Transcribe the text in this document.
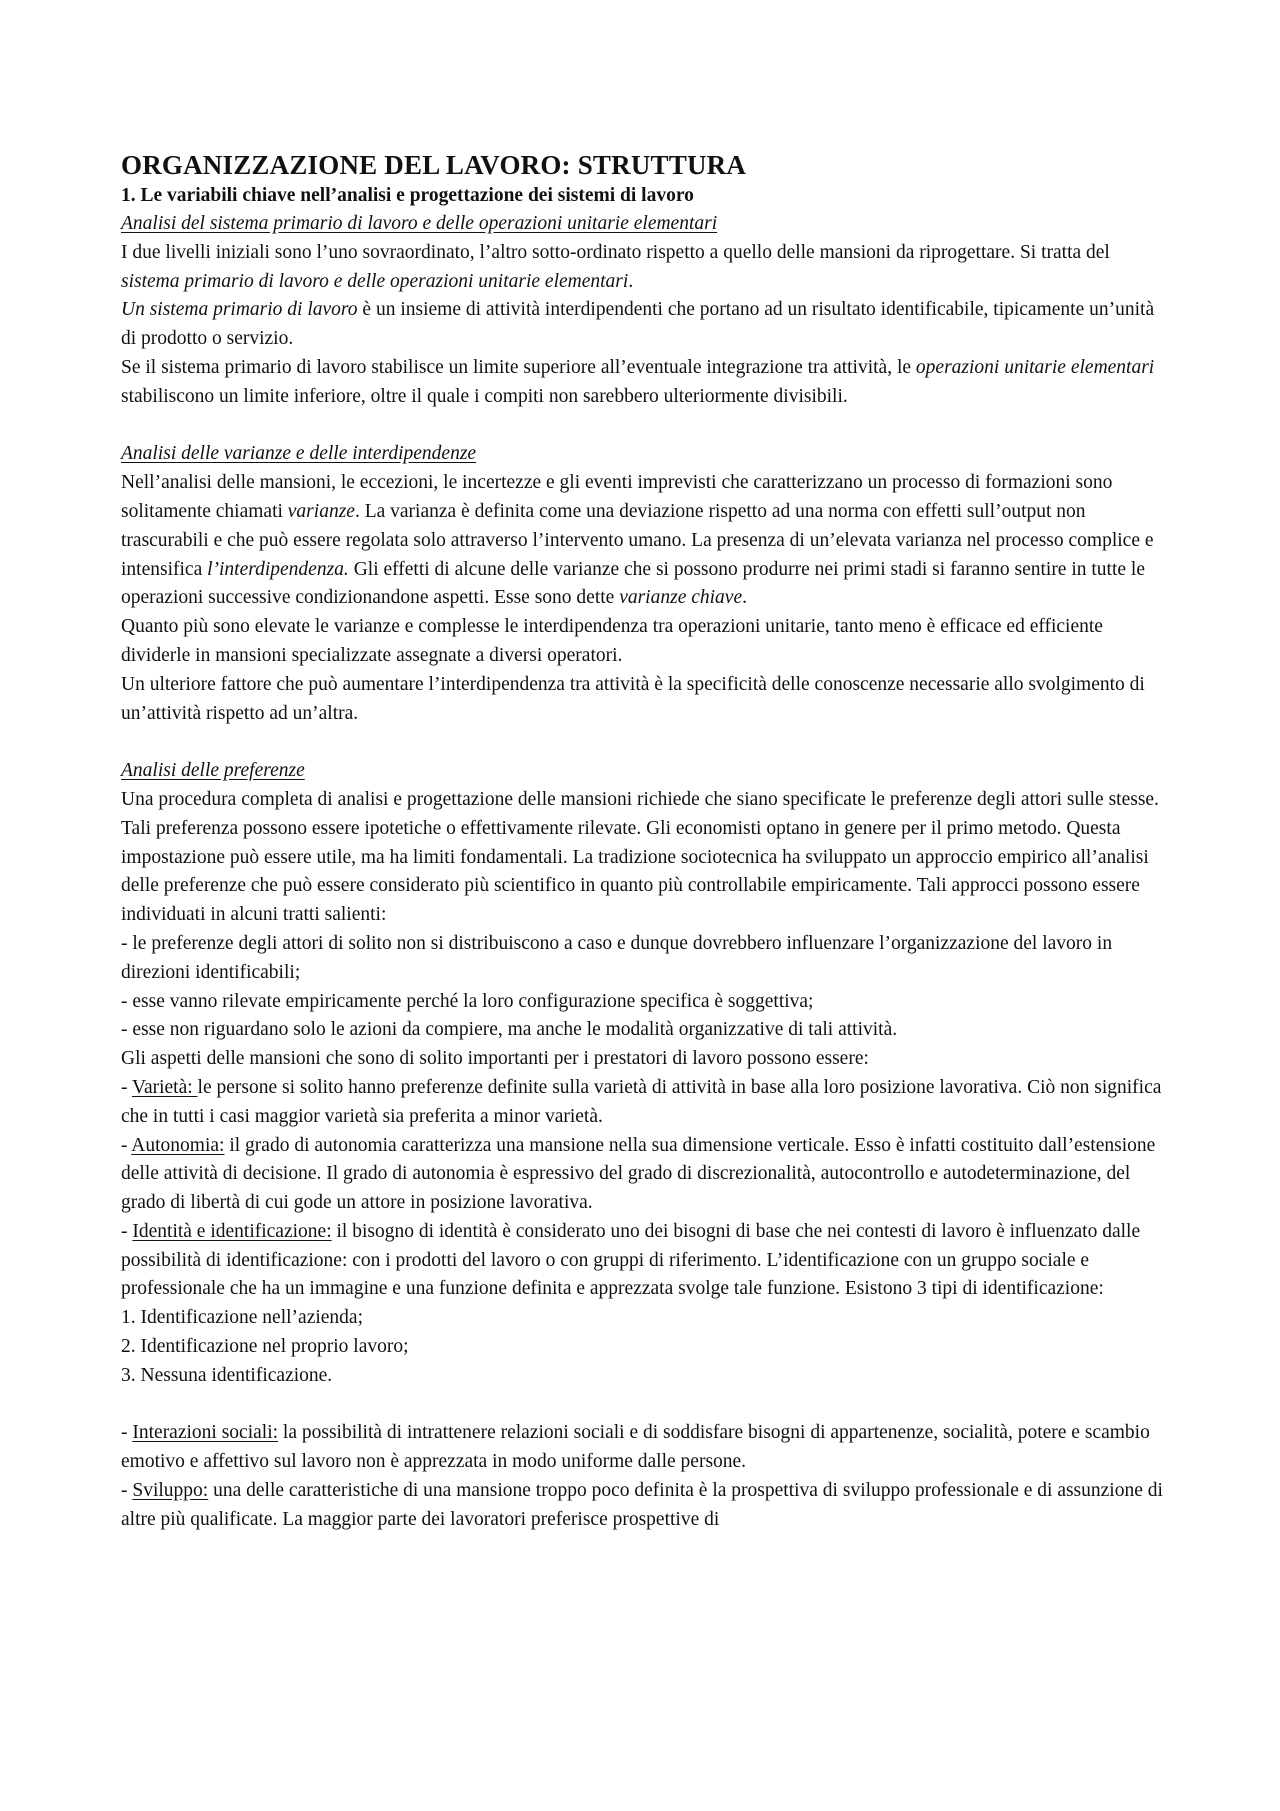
ORGANIZZAZIONE DEL LAVORO: STRUTTURA
1. Le variabili chiave nell’analisi e progettazione dei sistemi di lavoro

Analisi del sistema primario di lavoro e delle operazioni unitarie elementari

I due livelli iniziali sono l’uno sovraordinato, l’altro sotto-ordinato rispetto a quello delle mansioni da riprogettare. Si tratta del sistema primario di lavoro e delle operazioni unitarie elementari.

Un sistema primario di lavoro è un insieme di attività interdipendenti che portano ad un risultato identificabile, tipicamente un’unità di prodotto o servizio.

Se il sistema primario di lavoro stabilisce un limite superiore all’eventuale integrazione tra attività, le operazioni unitarie elementari stabiliscono un limite inferiore, oltre il quale i compiti non sarebbero ulteriormente divisibili.

Analisi delle varianze e delle interdipendenze

Nell’analisi delle mansioni, le eccezioni, le incertezze e gli eventi imprevisti che caratterizzano un processo di formazioni sono solitamente chiamati varianze. La varianza è definita come una deviazione rispetto ad una norma con effetti sull’output non trascurabili e che può essere regolata solo attraverso l’intervento umano. La presenza di un’elevata varianza nel processo complice e intensifica l’interdipendenza. Gli effetti di alcune delle varianze che si possono produrre nei primi stadi si faranno sentire in tutte le operazioni successive condizionandone aspetti. Esse sono dette varianze chiave.

Quanto più sono elevate le varianze e complesse le interdipendenza tra operazioni unitarie, tanto meno è efficace ed efficiente dividerle in mansioni specializzate assegnate a diversi operatori.

Un ulteriore fattore che può aumentare l’interdipendenza tra attività è la specificità delle conoscenze necessarie allo svolgimento di un’attività rispetto ad un’altra.

Analisi delle preferenze

Una procedura completa di analisi e progettazione delle mansioni richiede che siano specificate le preferenze degli attori sulle stesse. Tali preferenza possono essere ipotetiche o effettivamente rilevate. Gli economisti optano in genere per il primo metodo. Questa impostazione può essere utile, ma ha limiti fondamentali. La tradizione sociotecnica ha sviluppato un approccio empirico all’analisi delle preferenze che può essere considerato più scientifico in quanto più controllabile empiricamente. Tali approcci possono essere individuati in alcuni tratti salienti:

- le preferenze degli attori di solito non si distribuiscono a caso e dunque dovrebbero influenzare l’organizzazione del lavoro in direzioni identificabili;

- esse vanno rilevate empiricamente perché la loro configurazione specifica è soggettiva;

- esse non riguardano solo le azioni da compiere, ma anche le modalità organizzative di tali attività.

Gli aspetti delle mansioni che sono di solito importanti per i prestatori di lavoro possono essere:

- Varietà: le persone si solito hanno preferenze definite sulla varietà di attività in base alla loro posizione lavorativa. Ciò non significa che in tutti i casi maggior varietà sia preferita a minor varietà.

- Autonomia: il grado di autonomia caratterizza una mansione nella sua dimensione verticale. Esso è infatti costituito dall’estensione delle attività di decisione. Il grado di autonomia è espressivo del grado di discrezionalità, autocontrollo e autodeterminazione, del grado di libertà di cui gode un attore in posizione lavorativa.

- Identità e identificazione: il bisogno di identità è considerato uno dei bisogni di base che nei contesti di lavoro è influenzato dalle possibilità di identificazione: con i prodotti del lavoro o con gruppi di riferimento. L’identificazione con un gruppo sociale e professionale che ha un immagine e una funzione definita e apprezzata svolge tale funzione. Esistono 3 tipi di identificazione:

1. Identificazione nell’azienda;

2. Identificazione nel proprio lavoro;

3. Nessuna identificazione.

- Interazioni sociali: la possibilità di intrattenere relazioni sociali e di soddisfare bisogni di appartenenze, socialità, potere e scambio emotivo e affettivo sul lavoro non è apprezzata in modo uniforme dalle persone.

- Sviluppo: una delle caratteristiche di una mansione troppo poco definita è la prospettiva di sviluppo professionale e di assunzione di altre più qualificate. La maggior parte dei lavoratori preferisce prospettive di
